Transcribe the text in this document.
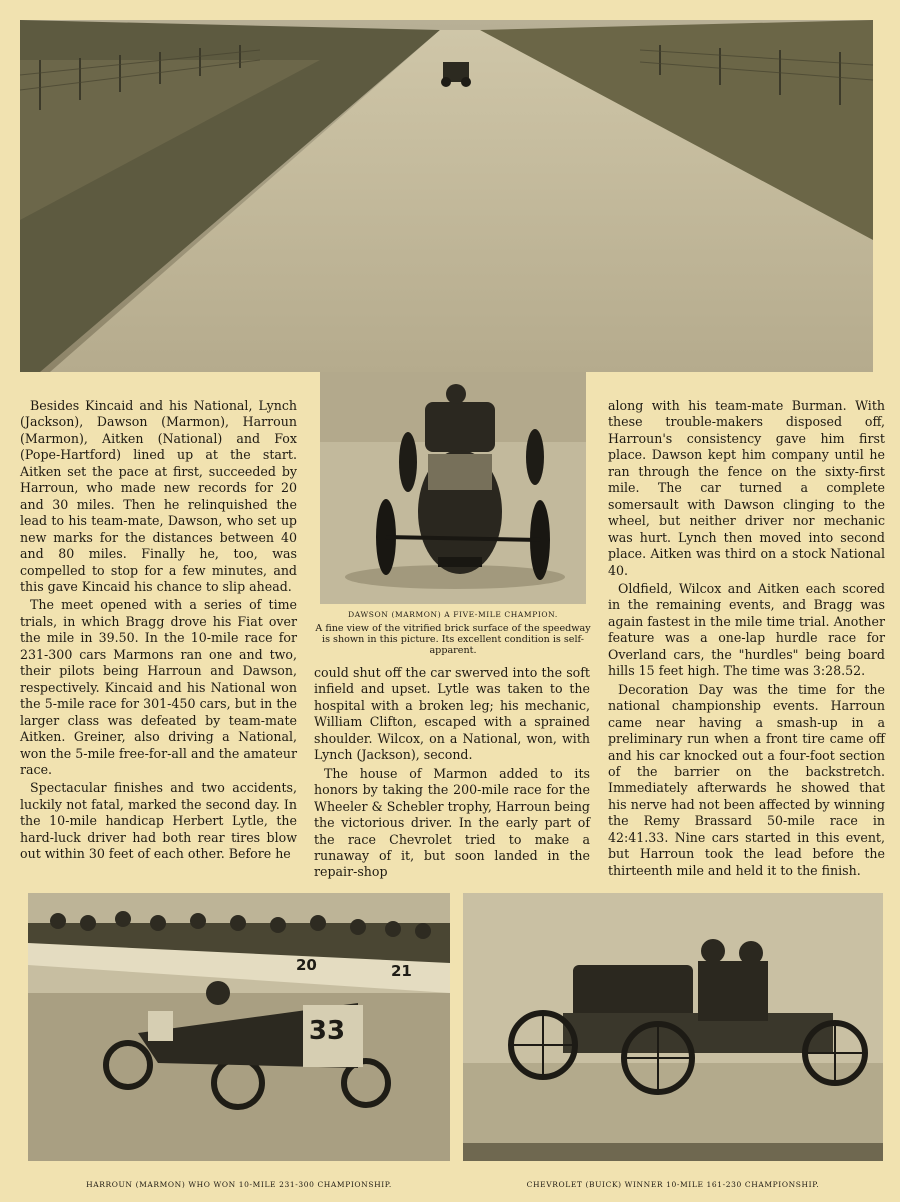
DAWSON (MARMON) A FIVE-MILE CHAMPION.
A fine view of the vitrified brick surface of the speedway is shown in this picture. Its excellent condition is self-apparent.

Besides Kincaid and his National, Lynch (Jackson), Dawson (Marmon), Harroun (Marmon), Aitken (National) and Fox (Pope-Hartford) lined up at the start. Aitken set the pace at first, succeeded by Harroun, who made new records for 20 and 30 miles. Then he relinquished the lead to his team-mate, Dawson, who set up new marks for the distances between 40 and 80 miles. Finally he, too, was compelled to stop for a few minutes, and this gave Kincaid his chance to slip ahead.

The meet opened with a series of time trials, in which Bragg drove his Fiat over the mile in 39.50. In the 10-mile race for 231-300 cars Marmons ran one and two, their pilots being Harroun and Dawson, respectively. Kincaid and his National won the 5-mile race for 301-450 cars, but in the larger class was defeated by team-mate Aitken. Greiner, also driving a National, won the 5-mile free-for-all and the amateur race.

Spectacular finishes and two accidents, luckily not fatal, marked the second day. In the 10-mile handicap Herbert Lytle, the hard-luck driver had both rear tires blow out within 30 feet of each other. Before he

could shut off the car swerved into the soft infield and upset. Lytle was taken to the hospital with a broken leg; his mechanic, William Clifton, escaped with a sprained shoulder. Wilcox, on a National, won, with Lynch (Jackson), second.

The house of Marmon added to its honors by taking the 200-mile race for the Wheeler & Schebler trophy, Harroun being the victorious driver. In the early part of the race Chevrolet tried to make a runaway of it, but soon landed in the repair-shop

along with his team-mate Burman. With these trouble-makers disposed off, Harroun's consistency gave him first place. Dawson kept him company until he ran through the fence on the sixty-first mile. The car turned a complete somersault with Dawson clinging to the wheel, but neither driver nor mechanic was hurt. Lynch then moved into second place. Aitken was third on a stock National 40.

Oldfield, Wilcox and Aitken each scored in the remaining events, and Bragg was again fastest in the mile time trial. Another feature was a one-lap hurdle race for Overland cars, the "hurdles" being board hills 15 feet high. The time was 3:28.52.

Decoration Day was the time for the national championship events. Harroun came near having a smash-up in a preliminary run when a front tire came off and his car knocked out a four-foot section of the barrier on the backstretch. Immediately afterwards he showed that his nerve had not been affected by winning the Remy Brassard 50-mile race in 42:41.33. Nine cars started in this event, but Harroun took the lead before the thirteenth mile and held it to the finish.

33
20	21
HARROUN (MARMON) WHO WON 10-MILE 231-300 CHAMPIONSHIP.	CHEVROLET (BUICK) WINNER 10-MILE 161-230 CHAMPIONSHIP.
